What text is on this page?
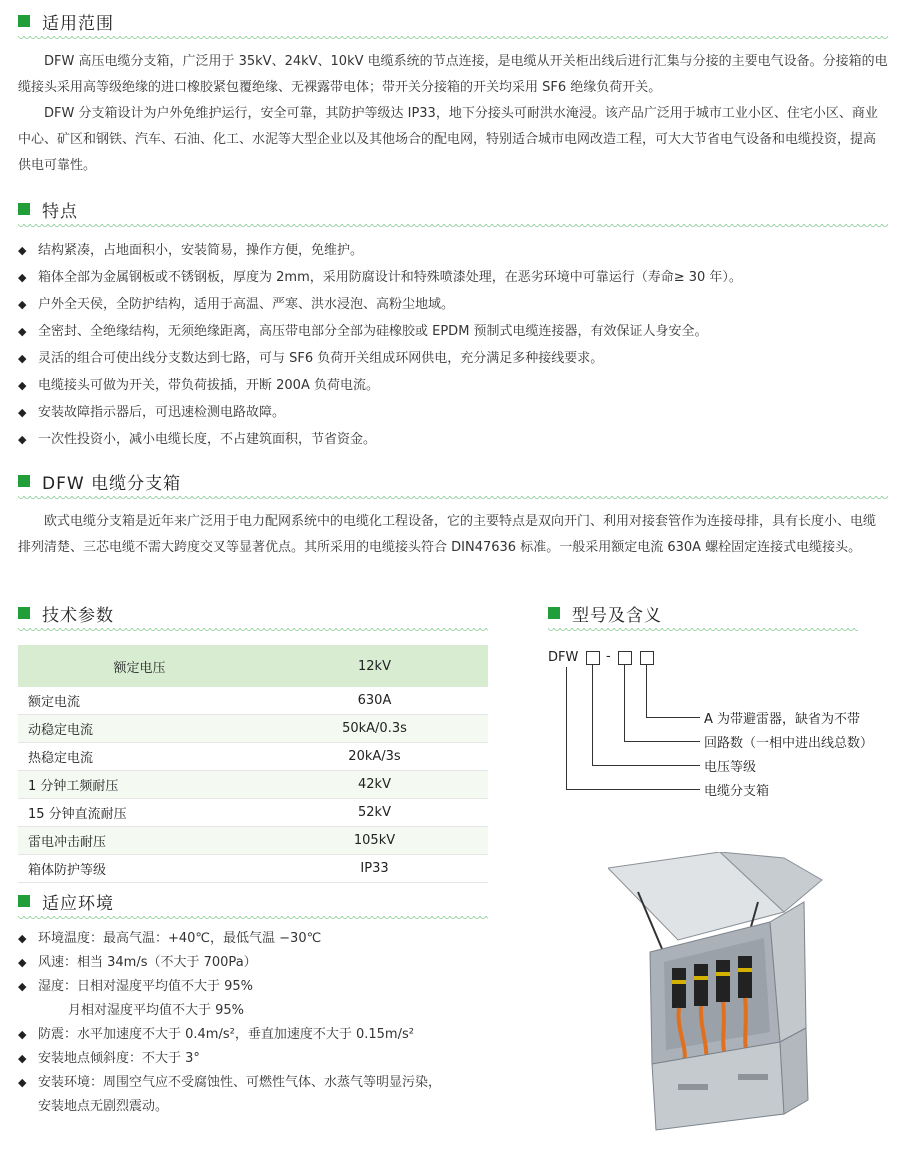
适用范围

DFW 高压电缆分支箱，广泛用于 35kV、24kV、10kV 电缆系统的节点连接，是电缆从开关柜出线后进行汇集与分接的主要电气设备。分接箱的电缆接头采用高等级绝缘的进口橡胶紧包覆绝缘、无裸露带电体；带开关分接箱的开关均采用 SF6 绝缘负荷开关。

DFW 分支箱设计为户外免维护运行，安全可靠，其防护等级达 IP33，地下分接头可耐洪水淹浸。该产品广泛用于城市工业小区、住宅小区、商业中心、矿区和钢铁、汽车、石油、化工、水泥等大型企业以及其他场合的配电网，特别适合城市电网改造工程，可大大节省电气设备和电缆投资，提高供电可靠性。

特点
◆ 结构紧凑，占地面积小，安装简易，操作方便，免维护。
◆ 箱体全部为金属钢板或不锈钢板，厚度为 2mm，采用防腐设计和特殊喷漆处理，在恶劣环境中可靠运行（寿命≥ 30 年）。
◆ 户外全天侯，全防护结构，适用于高温、严寒、洪水浸泡、高粉尘地域。
◆ 全密封、全绝缘结构，无须绝缘距离，高压带电部分全部为硅橡胶或 EPDM 预制式电缆连接器，有效保证人身安全。
◆ 灵活的组合可使出线分支数达到七路，可与 SF6 负荷开关组成环网供电，充分满足多种接线要求。
◆ 电缆接头可做为开关，带负荷拔插，开断 200A 负荷电流。
◆ 安装故障指示器后，可迅速检测电路故障。
◆ 一次性投资小，减小电缆长度，不占建筑面积，节省资金。
DFW 电缆分支箱

欧式电缆分支箱是近年来广泛用于电力配网系统中的电缆化工程设备，它的主要特点是双向开门、利用对接套管作为连接母排，具有长度小、电缆排列清楚、三芯电缆不需大跨度交叉等显著优点。其所采用的电缆接头符合 DIN47636 标准。一般采用额定电流 630A 螺栓固定连接式电缆接头。

技术参数
额定电压	12kV
额定电流	630A
动稳定电流	50kA/0.3s
热稳定电流	20kA/3s
1 分钟工频耐压	42kV
15 分钟直流耐压	52kV
雷电冲击耐压	105kV
箱体防护等级	IP33
型号及含义
DFW -
A 为带避雷器，缺省为不带
回路数（一相中进出线总数）
电压等级
电缆分支箱
适应环境
◆ 环境温度：最高气温：+40℃，最低气温 −30℃
◆ 风速：相当 34m/s（不大于 700Pa）
◆ 湿度：日相对湿度平均值不大于 95%
月相对湿度平均值不大于 95%
◆ 防震：水平加速度不大于 0.4m/s²，垂直加速度不大于 0.15m/s²
◆ 安装地点倾斜度：不大于 3°
◆ 安装环境：周围空气应不受腐蚀性、可燃性气体、水蒸气等明显污染，
安装地点无剧烈震动。
